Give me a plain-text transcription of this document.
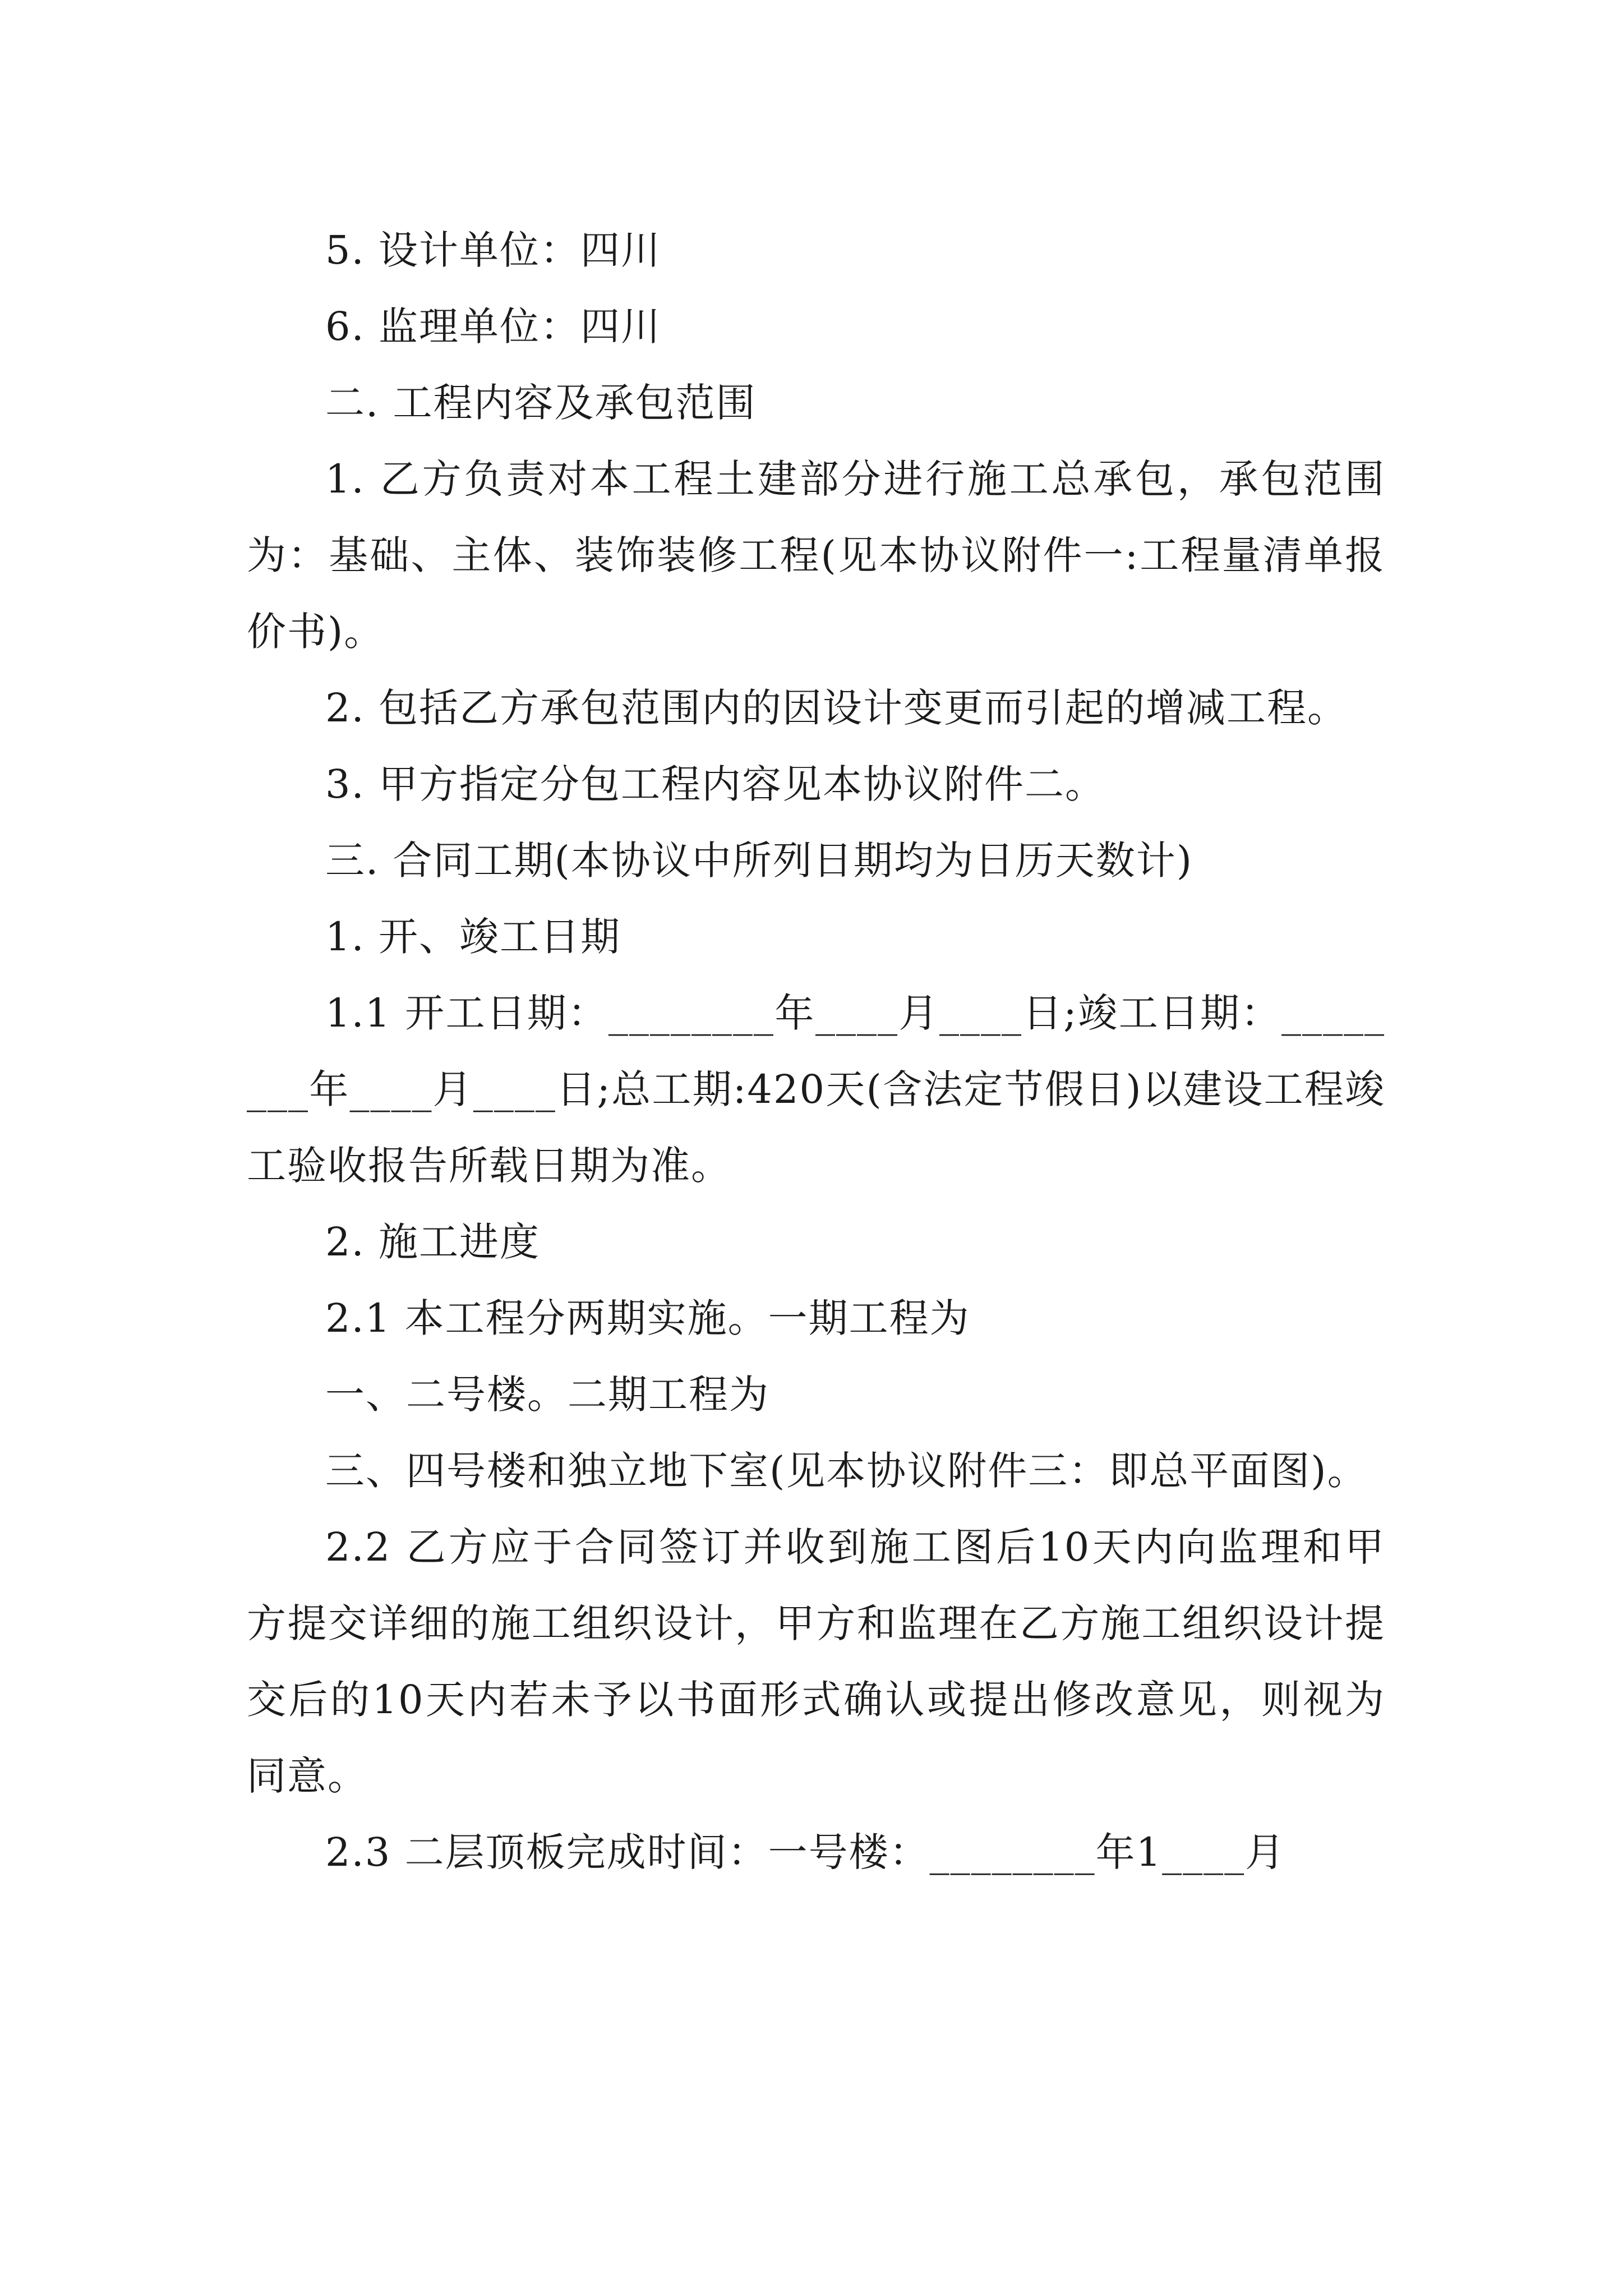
5. 设计单位：四川

6. 监理单位：四川

二. 工程内容及承包范围

1. 乙方负责对本工程土建部分进行施工总承包，承包范围为：基础、主体、装饰装修工程(见本协议附件一:工程量清单报价书)。

2. 包括乙方承包范围内的因设计变更而引起的增减工程。

3. 甲方指定分包工程内容见本协议附件二。

三. 合同工期(本协议中所列日期均为日历天数计)

1. 开、竣工日期

1.1 开工日期：________年____月____日;竣工日期：________年____月____日;总工期:420天(含法定节假日)以建设工程竣工验收报告所载日期为准。

2. 施工进度

2.1 本工程分两期实施。一期工程为

一、二号楼。二期工程为

三、四号楼和独立地下室(见本协议附件三：即总平面图)。

2.2 乙方应于合同签订并收到施工图后10天内向监理和甲方提交详细的施工组织设计，甲方和监理在乙方施工组织设计提交后的10天内若未予以书面形式确认或提出修改意见，则视为同意。

2.3 二层顶板完成时间：一号楼：________年1____月
